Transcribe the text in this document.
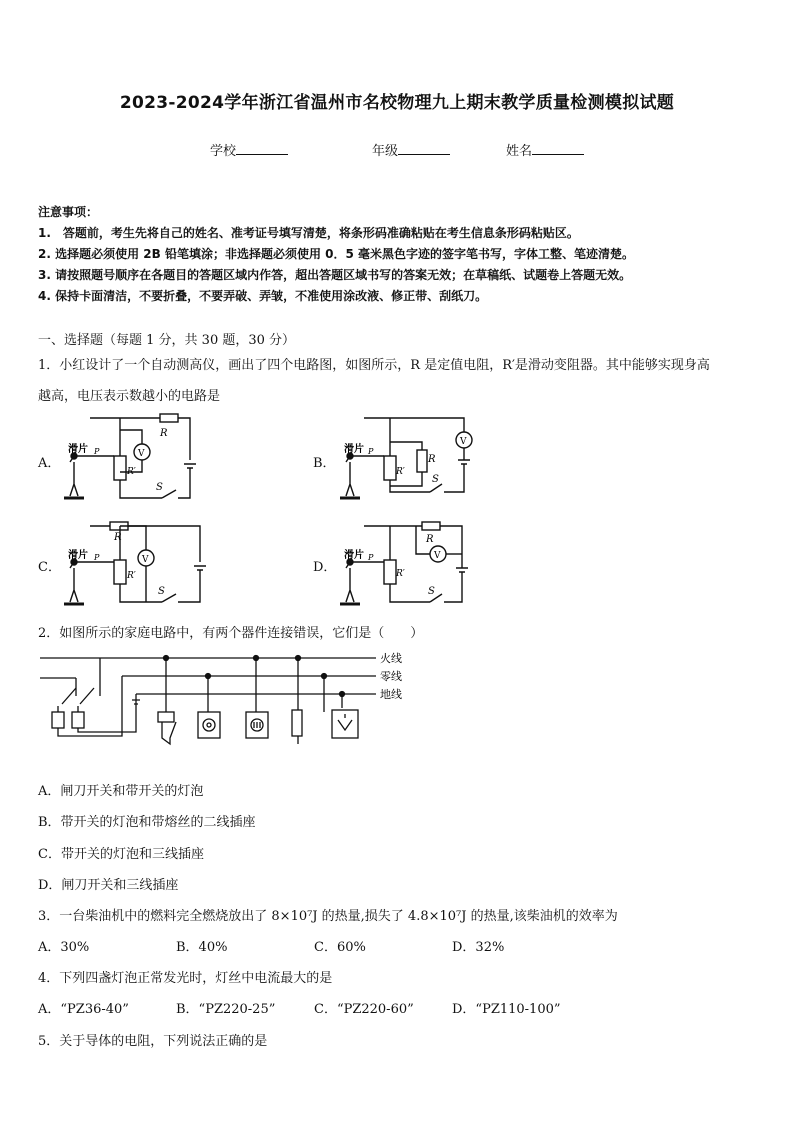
2023-2024学年浙江省温州市名校物理九上期末教学质量检测模拟试题
学校	年级	姓名
注意事项：
1.　答题前，考生先将自己的姓名、准考证号填写清楚，将条形码准确粘贴在考生信息条形码粘贴区。
2. 选择题必须使用 2B 铅笔填涂；非选择题必须使用 0．5 毫米黑色字迹的签字笔书写，字体工整、笔迹清楚。
3. 请按照题号顺序在各题目的答题区域内作答，超出答题区域书写的答案无效；在草稿纸、试题卷上答题无效。
4. 保持卡面清洁，不要折叠，不要弄破、弄皱，不准使用涂改液、修正带、刮纸刀。
一、选择题（每题 1 分，共 30 题，30 分）
1．小红设计了一个自动测高仪，画出了四个电路图，如图所示，R 是定值电阻，R′是滑动变阻器。其中能够实现身高
越高，电压表示数越小的电路是
A．	B．
C．	D．
R
V
R′
S
滑片 P
V
R
R′
S
滑片 P
R
V
R′
S
滑片 P
R
V
R′
S
滑片 P
2．如图所示的家庭电路中，有两个器件连接错误，它们是（　　）
火线
零线
地线
A．闸刀开关和带开关的灯泡
B．带开关的灯泡和带熔丝的二线插座
C．带开关的灯泡和三线插座
D．闸刀开关和三线插座
3．一台柴油机中的燃料完全燃烧放出了 8×10⁷J 的热量,损失了 4.8×10⁷J 的热量,该柴油机的效率为
A．30%	B．40%	C．60%	D．32%
4．下列四盏灯泡正常发光时，灯丝中电流最大的是
A．“PZ36-40”	B．“PZ220-25”	C．“PZ220-60”	D．“PZ110-100”
5．关于导体的电阻，下列说法正确的是
